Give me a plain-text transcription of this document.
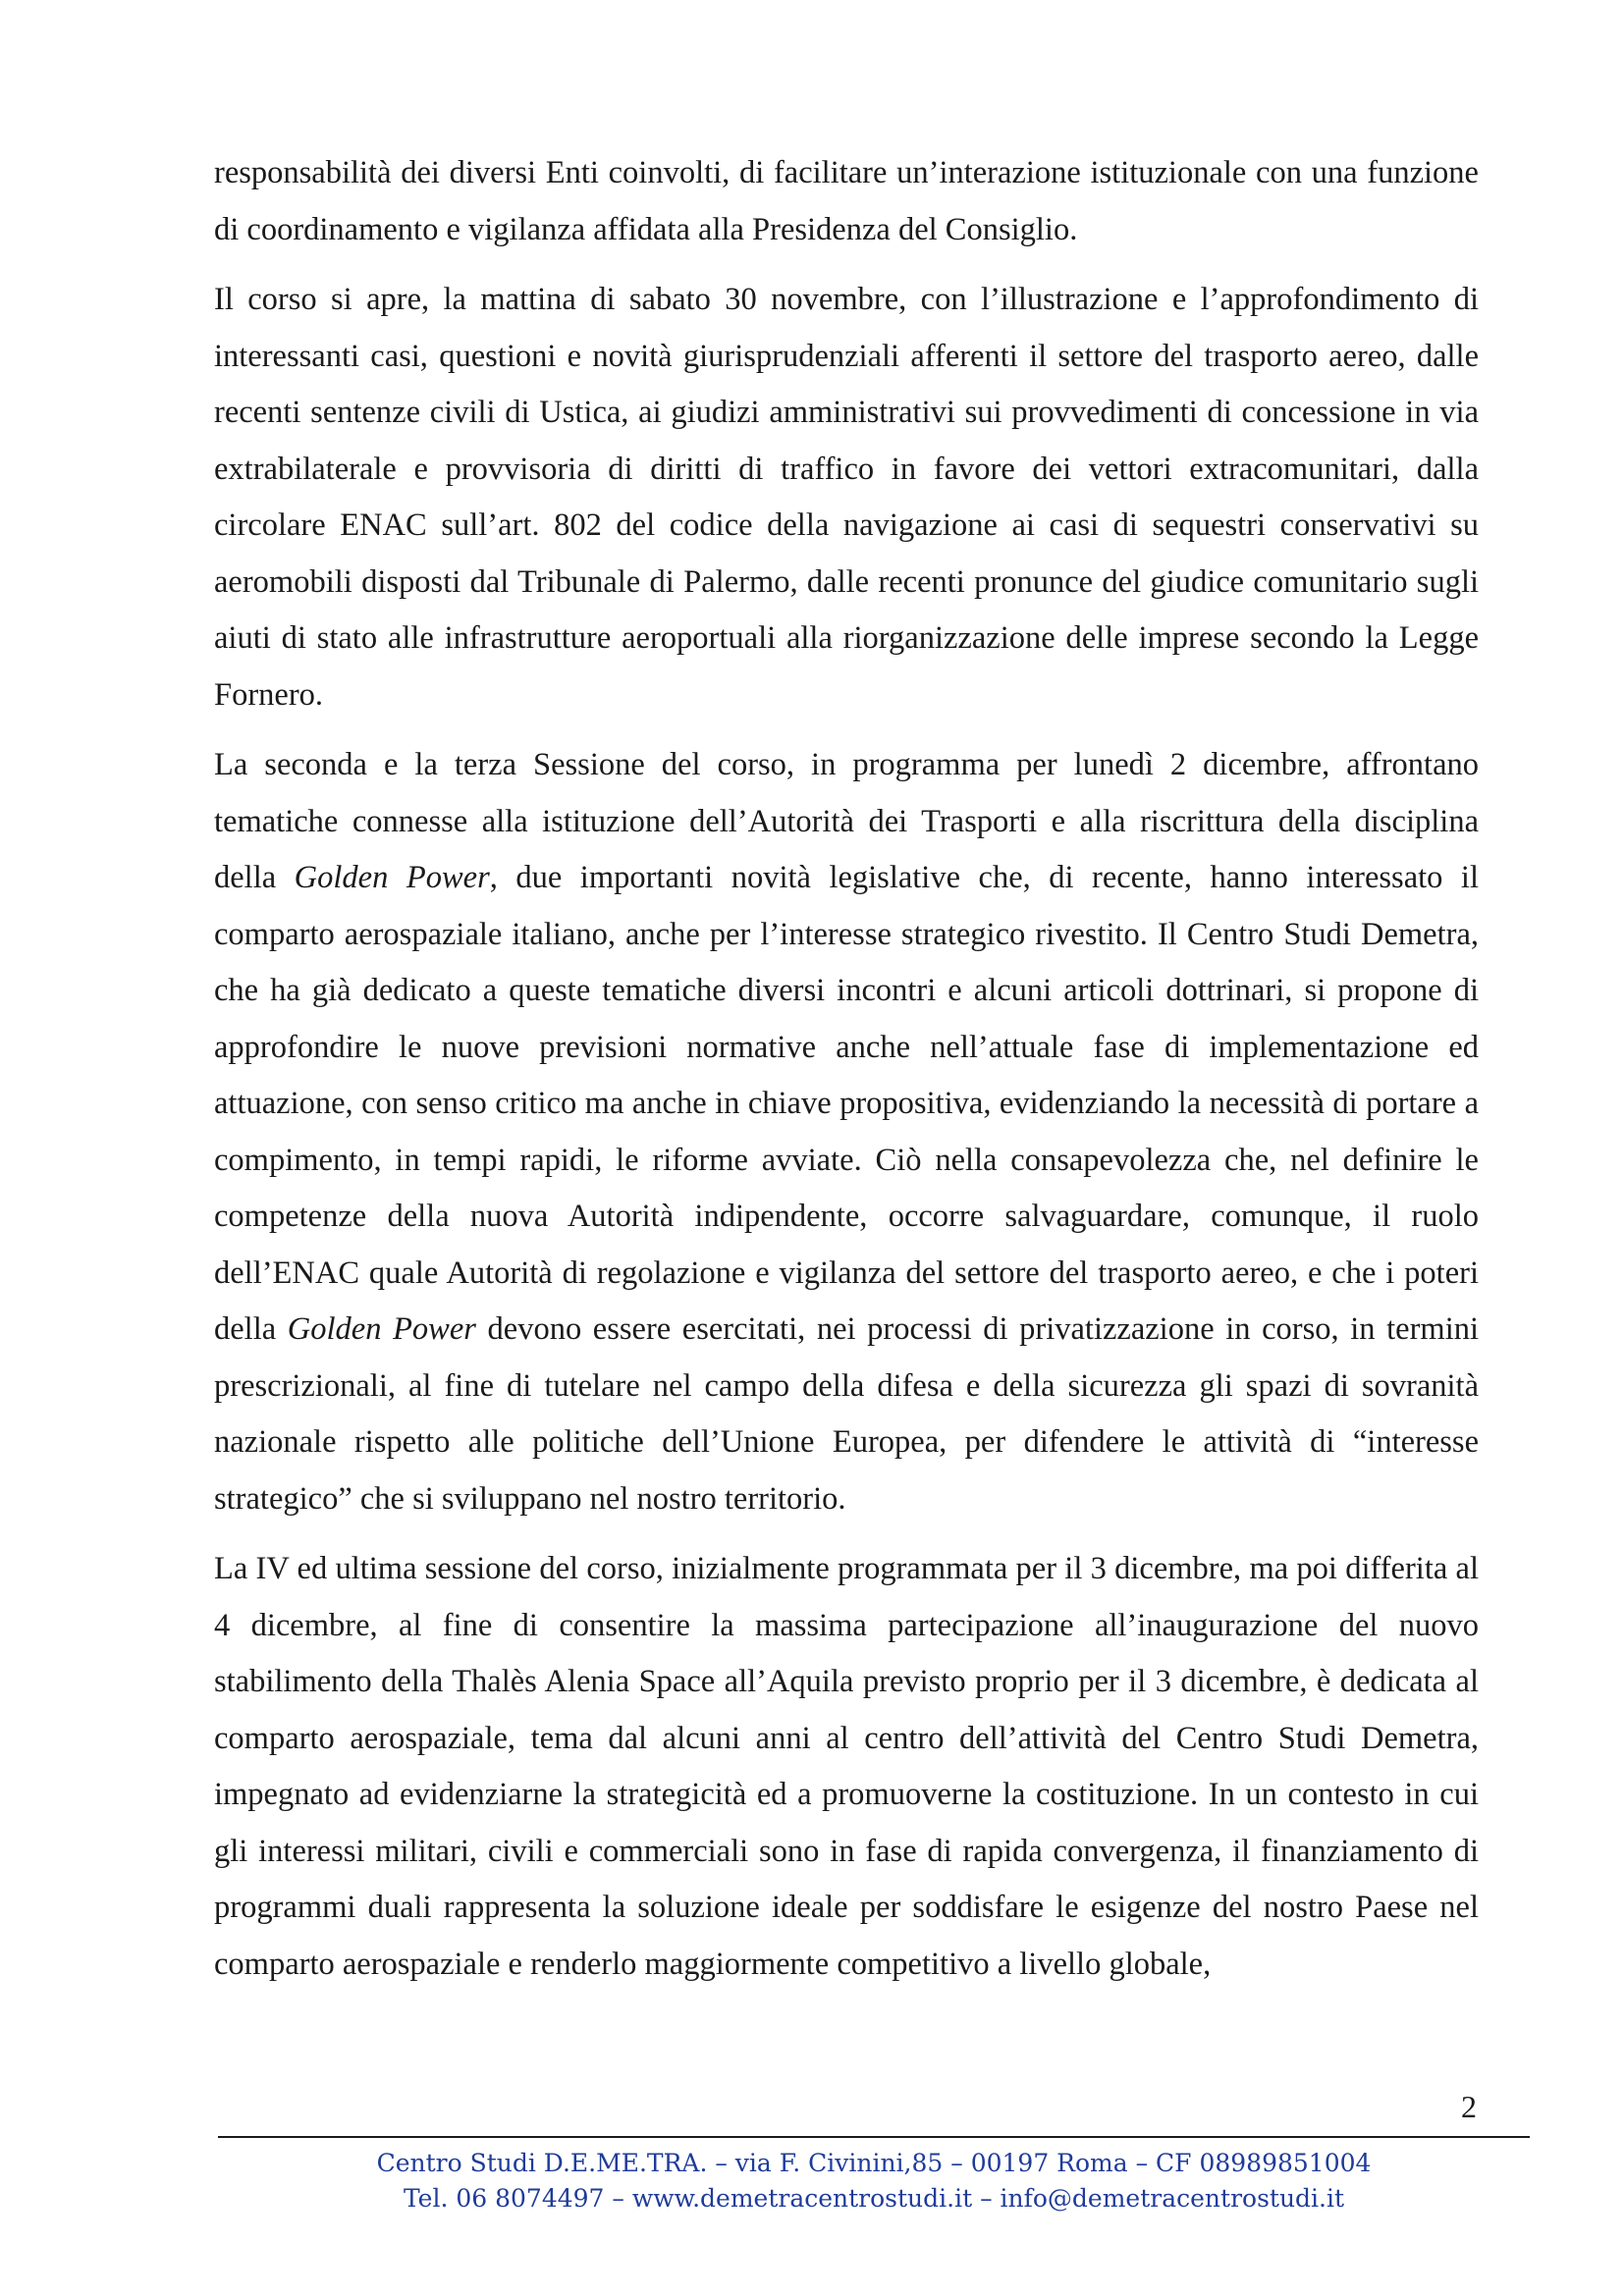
responsabilità dei diversi Enti coinvolti, di facilitare un’interazione istituzionale con una funzione di coordinamento e vigilanza affidata alla Presidenza del Consiglio.

Il corso si apre, la mattina di sabato 30 novembre, con l’illustrazione e l’approfondimento di interessanti casi, questioni e novità giurisprudenziali afferenti il settore del trasporto aereo, dalle recenti sentenze civili di Ustica, ai giudizi amministrativi sui provvedimenti di concessione in via extrabilaterale e provvisoria di diritti di traffico in favore dei vettori extracomunitari, dalla circolare ENAC sull’art. 802 del codice della navigazione ai casi di sequestri conservativi su aeromobili disposti dal Tribunale di Palermo, dalle recenti pronunce del giudice comunitario sugli aiuti di stato alle infrastrutture aeroportuali alla riorganizzazione delle imprese secondo la Legge Fornero.

La seconda e la terza Sessione del corso, in programma per lunedì 2 dicembre, affrontano tematiche connesse alla istituzione dell’Autorità dei Trasporti e alla riscrittura della disciplina della Golden Power, due importanti novità legislative che, di recente, hanno interessato il comparto aerospaziale italiano, anche per l’interesse strategico rivestito. Il Centro Studi Demetra, che ha già dedicato a queste tematiche diversi incontri e alcuni articoli dottrinari, si propone di approfondire le nuove previsioni normative anche nell’attuale fase di implementazione ed attuazione, con senso critico ma anche in chiave propositiva, evidenziando la necessità di portare a compimento, in tempi rapidi, le riforme avviate. Ciò nella consapevolezza che, nel definire le competenze della nuova Autorità indipendente, occorre salvaguardare, comunque, il ruolo dell’ENAC quale Autorità di regolazione e vigilanza del settore del trasporto aereo, e che i poteri della Golden Power devono essere esercitati, nei processi di privatizzazione in corso, in termini prescrizionali, al fine di tutelare nel campo della difesa e della sicurezza gli spazi di sovranità nazionale rispetto alle politiche dell’Unione Europea, per difendere le attività di “interesse strategico” che si sviluppano nel nostro territorio.

La IV ed ultima sessione del corso, inizialmente programmata per il 3 dicembre, ma poi differita al 4 dicembre, al fine di consentire la massima partecipazione all’inaugurazione del nuovo stabilimento della Thalès Alenia Space all’Aquila previsto proprio per il 3 dicembre, è dedicata al comparto aerospaziale, tema dal alcuni anni al centro dell’attività del Centro Studi Demetra, impegnato ad evidenziarne la strategicità ed a promuoverne la costituzione. In un contesto in cui gli interessi militari, civili e commerciali sono in fase di rapida convergenza, il finanziamento di programmi duali rappresenta la soluzione ideale per soddisfare le esigenze del nostro Paese nel comparto aerospaziale e renderlo maggiormente competitivo a livello globale,

2
Centro Studi D.E.ME.TRA. – via F. Civinini,85 – 00197 Roma – CF 08989851004
Tel. 06 8074497 – www.demetracentrostudi.it – info@demetracentrostudi.it
